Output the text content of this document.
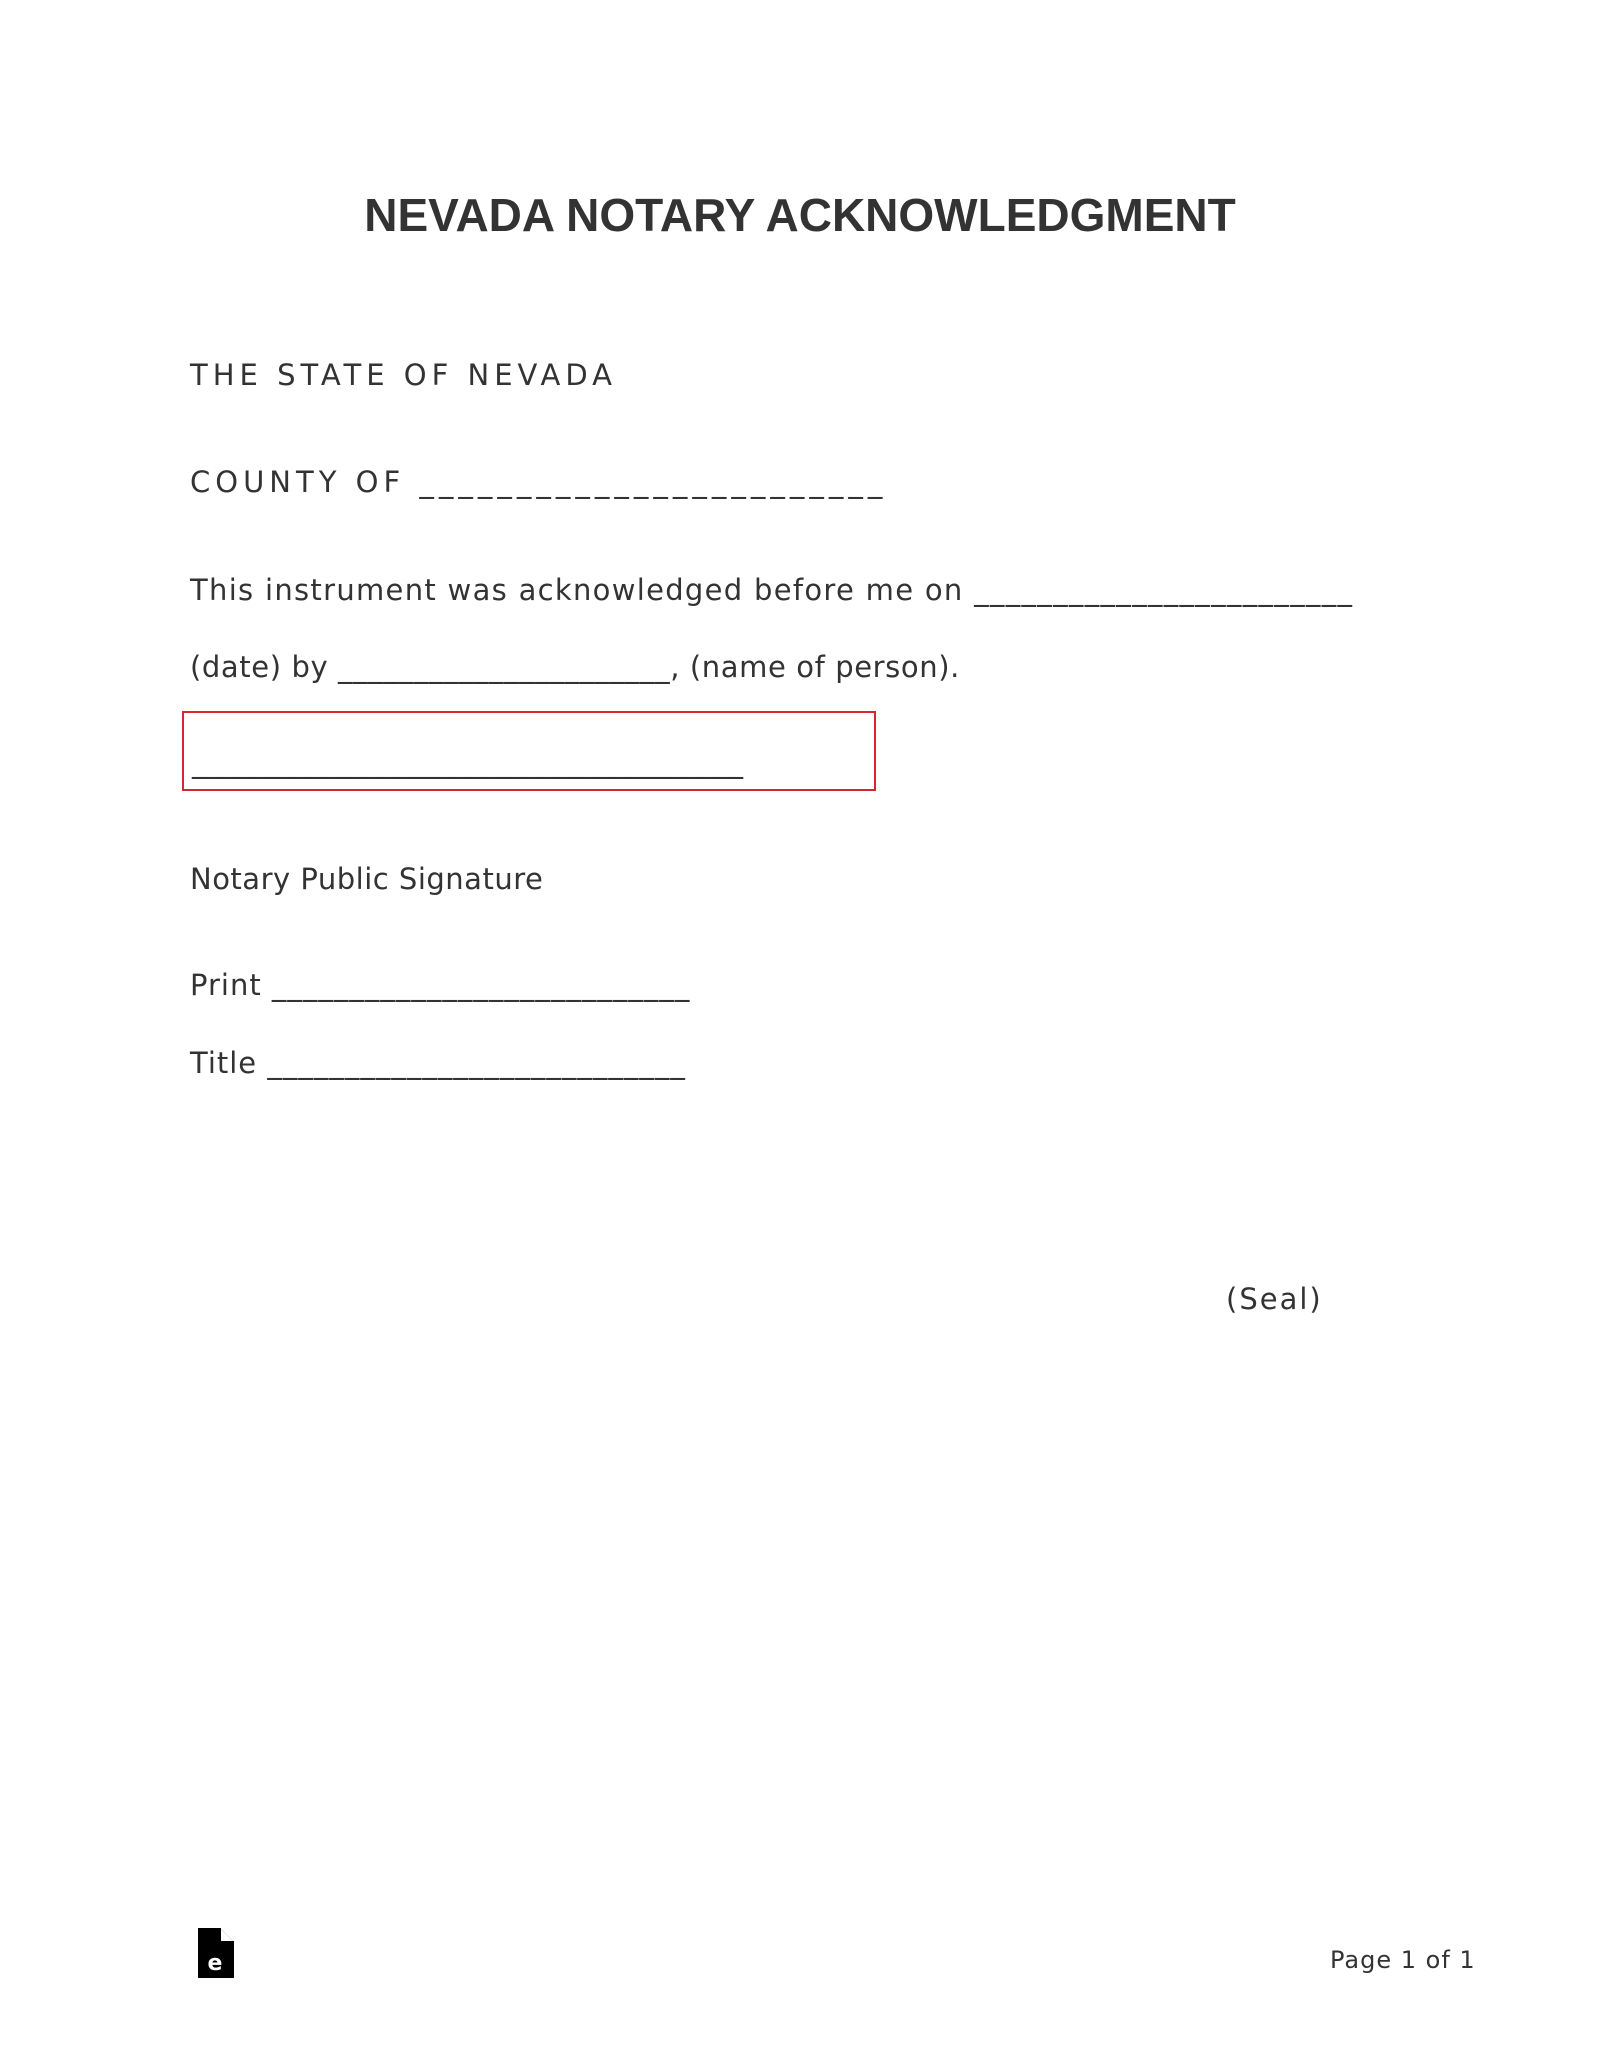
NEVADA NOTARY ACKNOWLEDGMENT
THE STATE OF NEVADA
COUNTY OF ________________________
This instrument was acknowledged before me on ________________________
(date) by ______________________, (name of person).
______________________________________
Notary Public Signature
Print ___________________________
Title ___________________________
(Seal)
e	Page 1 of 1
